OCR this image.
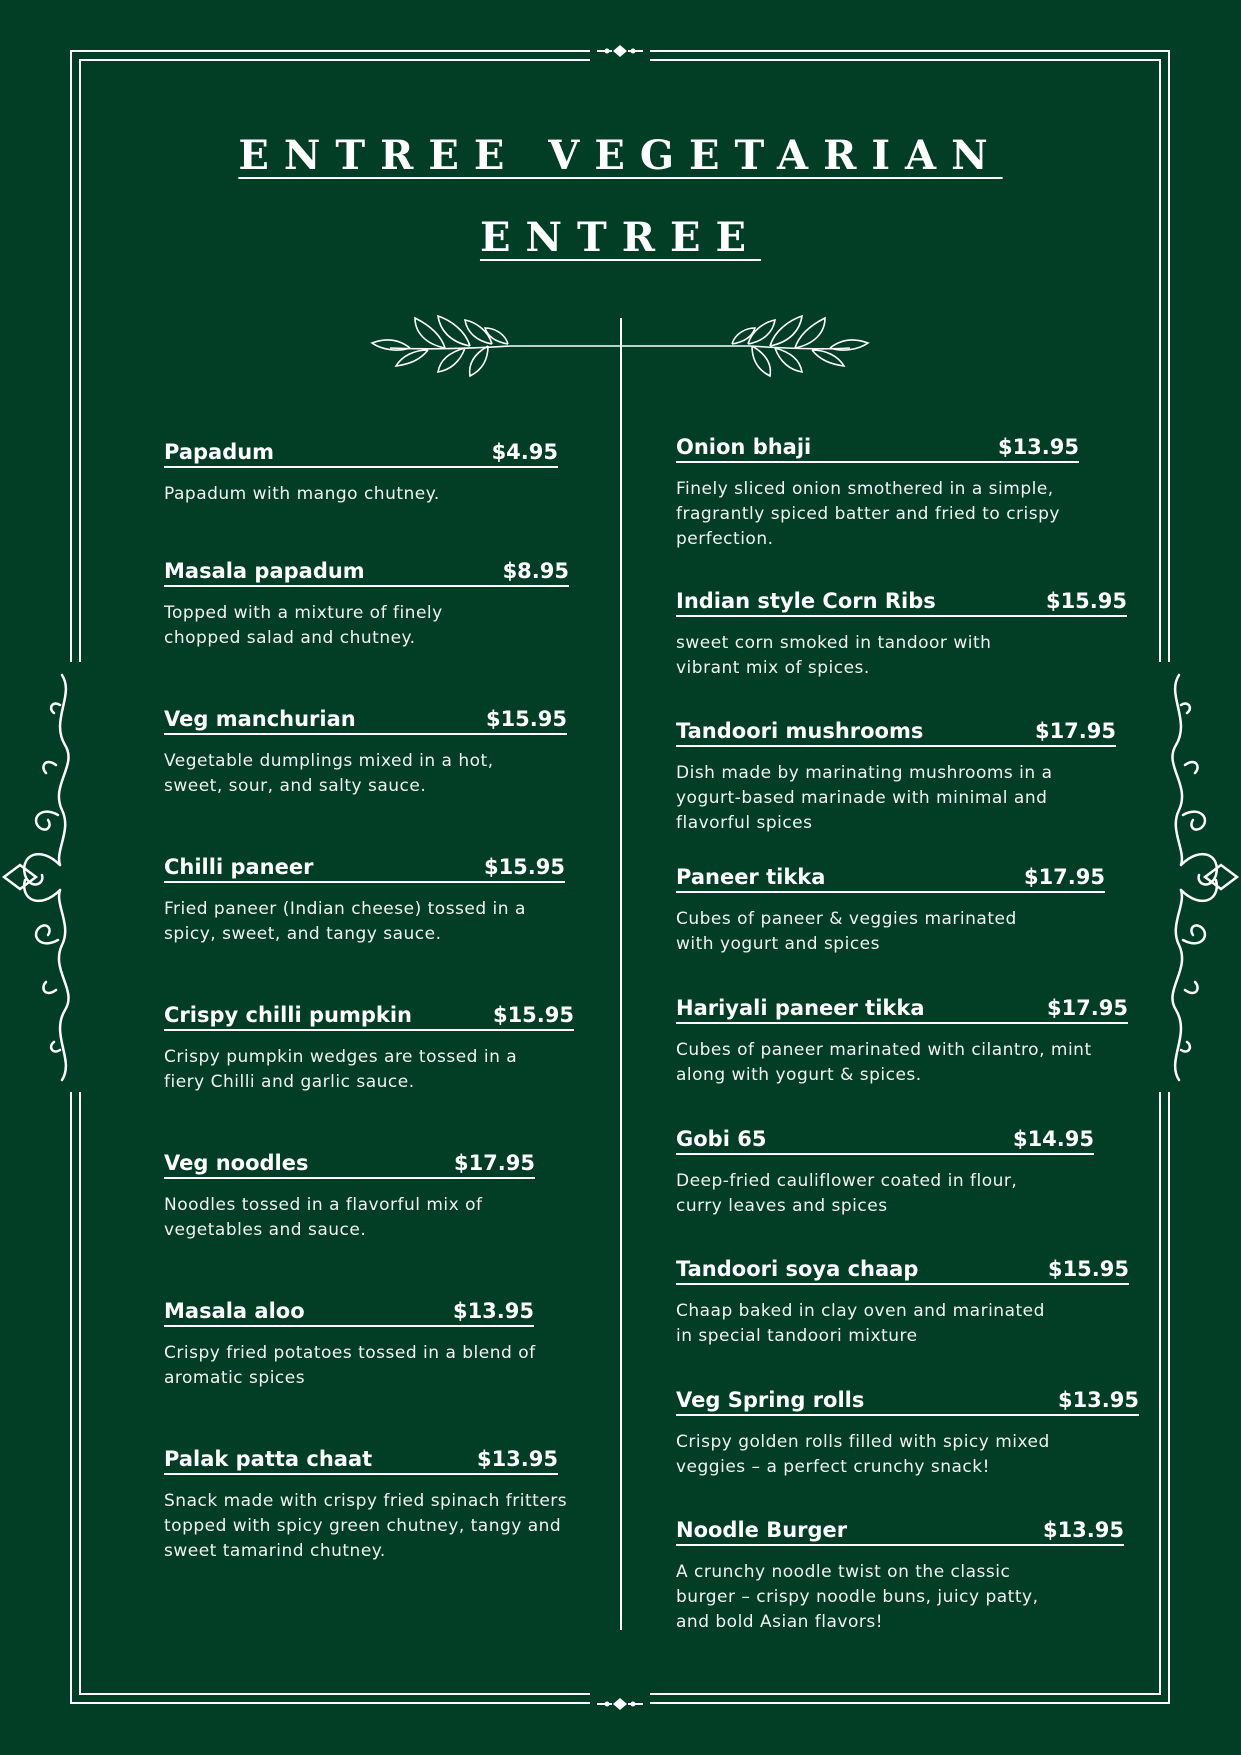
ENTREE VEGETARIAN
ENTREE
Papadum	$4.95
Papadum with mango chutney.
Masala papadum	$8.95
Topped with a mixture of finely
chopped salad and chutney.
Veg manchurian	$15.95
Vegetable dumplings mixed in a hot,
sweet, sour, and salty sauce.
Chilli paneer	$15.95
Fried paneer (Indian cheese) tossed in a
spicy, sweet, and tangy sauce.
Crispy chilli pumpkin	$15.95
Crispy pumpkin wedges are tossed in a
fiery Chilli and garlic sauce.
Veg noodles	$17.95
Noodles tossed in a flavorful mix of
vegetables and sauce.
Masala aloo	$13.95
Crispy fried potatoes tossed in a blend of
aromatic spices
Palak patta chaat	$13.95
Snack made with crispy fried spinach fritters
topped with spicy green chutney, tangy and
sweet tamarind chutney.
Onion bhaji	$13.95
Finely sliced onion smothered in a simple,
fragrantly spiced batter and fried to crispy
perfection.
Indian style Corn Ribs	$15.95
sweet corn smoked in tandoor with
vibrant mix of spices.
Tandoori mushrooms	$17.95
Dish made by marinating mushrooms in a
yogurt-based marinade with minimal and
flavorful spices
Paneer tikka	$17.95
Cubes of paneer & veggies marinated
with yogurt and spices
Hariyali paneer tikka	$17.95
Cubes of paneer marinated with cilantro, mint
along with yogurt & spices.
Gobi 65	$14.95
Deep-fried cauliflower coated in flour,
curry leaves and spices
Tandoori soya chaap	$15.95
Chaap baked in clay oven and marinated
in special tandoori mixture
Veg Spring rolls	$13.95
Crispy golden rolls filled with spicy mixed
veggies – a perfect crunchy snack!
Noodle Burger	$13.95
A crunchy noodle twist on the classic
burger – crispy noodle buns, juicy patty,
and bold Asian flavors!
